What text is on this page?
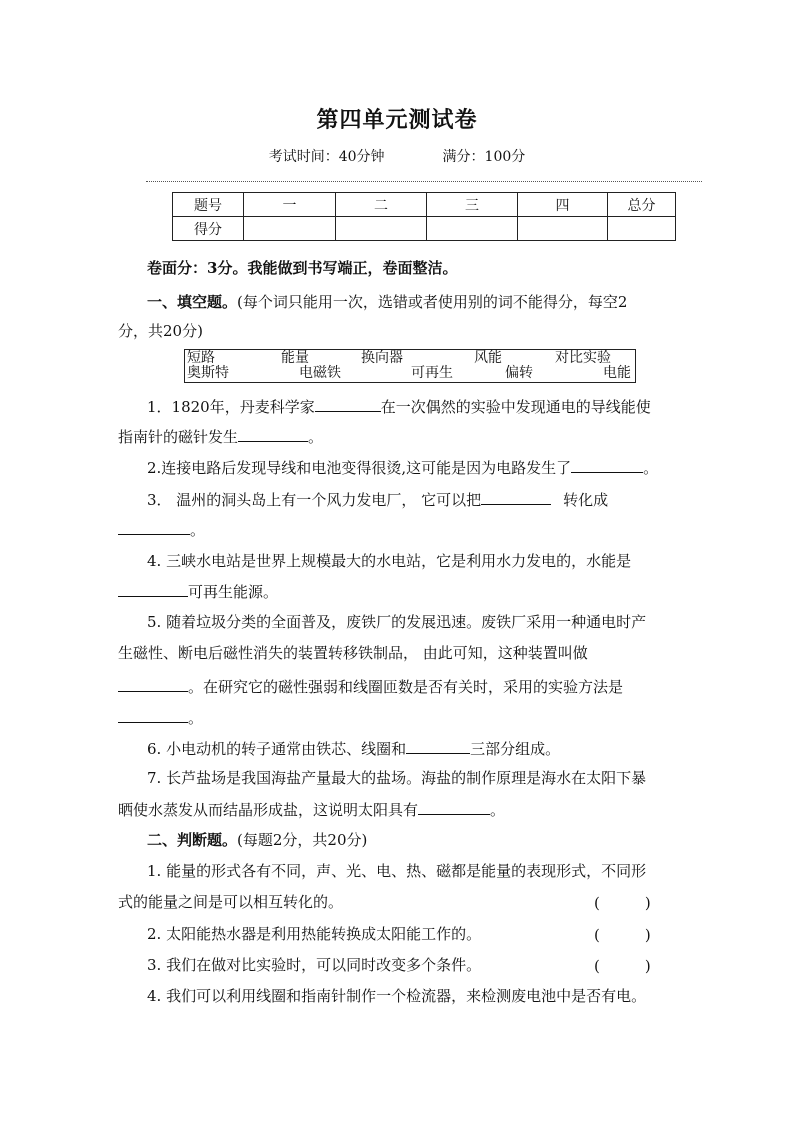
第四单元测试卷
考试时间：40分钟	满分：100分
题号	一	二	三	四	总分
得分					
卷面分：3分。我能做到书写端正，卷面整洁。
一、填空题。(每个词只能用一次，选错或者使用别的词不能得分，每空2
分，共20分)
短路	能量	换向器	风能	对比实验
奥斯特	电磁铁	可再生	偏转	电能
1．1820年，丹麦科学家	在一次偶然的实验中发现通电的导线能使
指南针的磁针发生	。
2.连接电路后发现导线和电池变得很烫,这可能是因为电路发生了	。
3． 温州的洞头岛上有一个风力发电厂， 它可以把	转化成
。
4. 三峡水电站是世界上规模最大的水电站，它是利用水力发电的，水能是
可再生能源。
5. 随着垃圾分类的全面普及，废铁厂的发展迅速。废铁厂采用一种通电时产
生磁性、断电后磁性消失的装置转移铁制品， 由此可知，这种装置叫做
。在研究它的磁性强弱和线圈匝数是否有关时，采用的实验方法是
。
6. 小电动机的转子通常由铁芯、线圈和	三部分组成。
7. 长芦盐场是我国海盐产量最大的盐场。海盐的制作原理是海水在太阳下暴
晒使水蒸发从而结晶形成盐，这说明太阳具有	。
二、判断题。(每题2分，共20分)
1. 能量的形式各有不同，声、光、电、热、磁都是能量的表现形式，不同形
式的能量之间是可以相互转化的。	(　　　)
2. 太阳能热水器是利用热能转换成太阳能工作的。	(　　　)
3. 我们在做对比实验时，可以同时改变多个条件。	(　　　)
4. 我们可以利用线圈和指南针制作一个检流器，来检测废电池中是否有电。
